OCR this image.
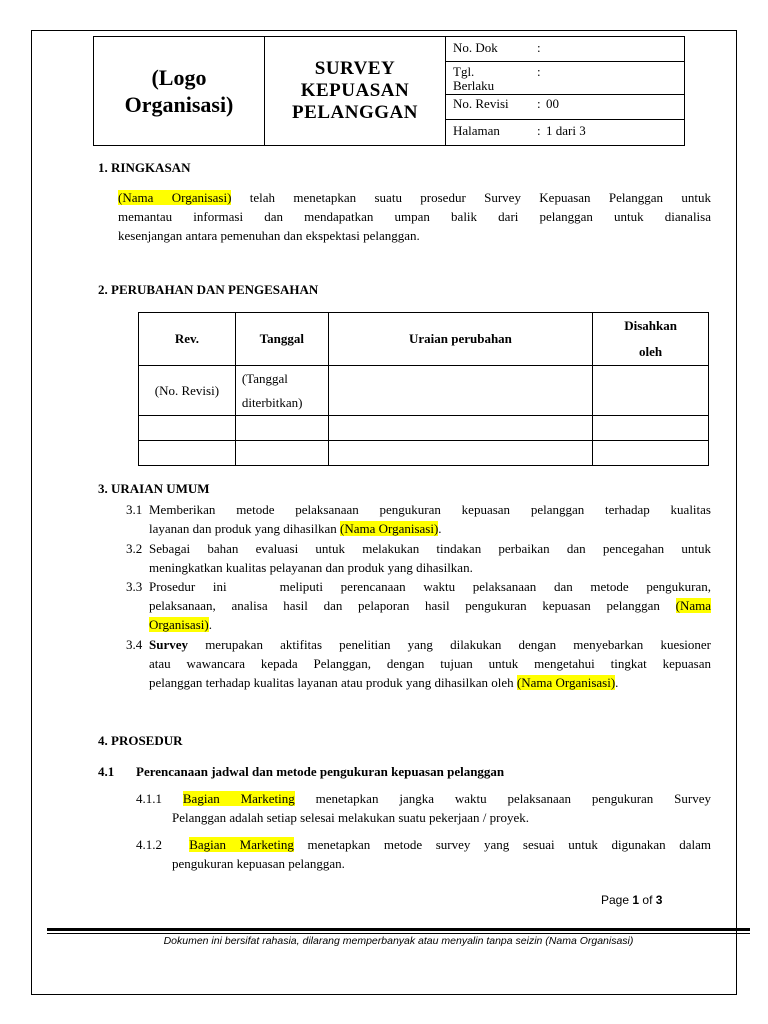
(Logo
Organisasi)
SURVEY
KEPUASAN
PELANGGAN
No. Dok	:
Tgl.
Berlaku
:
No. Revisi	: 00
Halaman	: 1 dari 3
1. RINGKASAN
(Nama Organisasi) telah menetapkan suatu prosedur Survey Kepuasan Pelanggan untuk
memantau informasi dan mendapatkan umpan balik dari pelanggan untuk dianalisa
kesenjangan antara pemenuhan dan ekspektasi pelanggan.
2. PERUBAHAN DAN PENGESAHAN
Rev.	Tanggal	Uraian perubahan	Disahkan
oleh

(No. Revisi)	(Tanggal
diterbitkan)		

3. URAIAN UMUM
3.1 Memberikan metode pelaksanaan pengukuran kepuasan pelanggan terhadap kualitas
layanan dan produk yang dihasilkan (Nama Organisasi).
3.2 Sebagai bahan evaluasi untuk melakukan tindakan perbaikan dan pencegahan untuk
meningkatkan kualitas pelayanan dan produk yang dihasilkan.
3.3 Prosedur ini   meliputi perencanaan waktu pelaksanaan dan metode pengukuran,
pelaksanaan, analisa hasil dan pelaporan hasil pengukuran kepuasan pelanggan (Nama
Organisasi).
3.4 Survey merupakan aktifitas penelitian yang dilakukan dengan menyebarkan kuesioner
atau wawancara kepada Pelanggan, dengan tujuan untuk mengetahui tingkat kepuasan
pelanggan terhadap kualitas layanan atau produk yang dihasilkan oleh (Nama Organisasi).
4. PROSEDUR
4.1 Perencanaan jadwal dan metode pengukuran kepuasan pelanggan
4.1.1 Bagian Marketing menetapkan jangka waktu pelaksanaan pengukuran Survey
Pelanggan adalah setiap selesai melakukan suatu pekerjaan / proyek.
4.1.2 Bagian Marketing menetapkan metode survey yang sesuai untuk digunakan dalam
pengukuran kepuasan pelanggan.
Page 1 of 3
Dokumen ini bersifat rahasia, dilarang memperbanyak atau menyalin tanpa seizin (Nama Organisasi)
